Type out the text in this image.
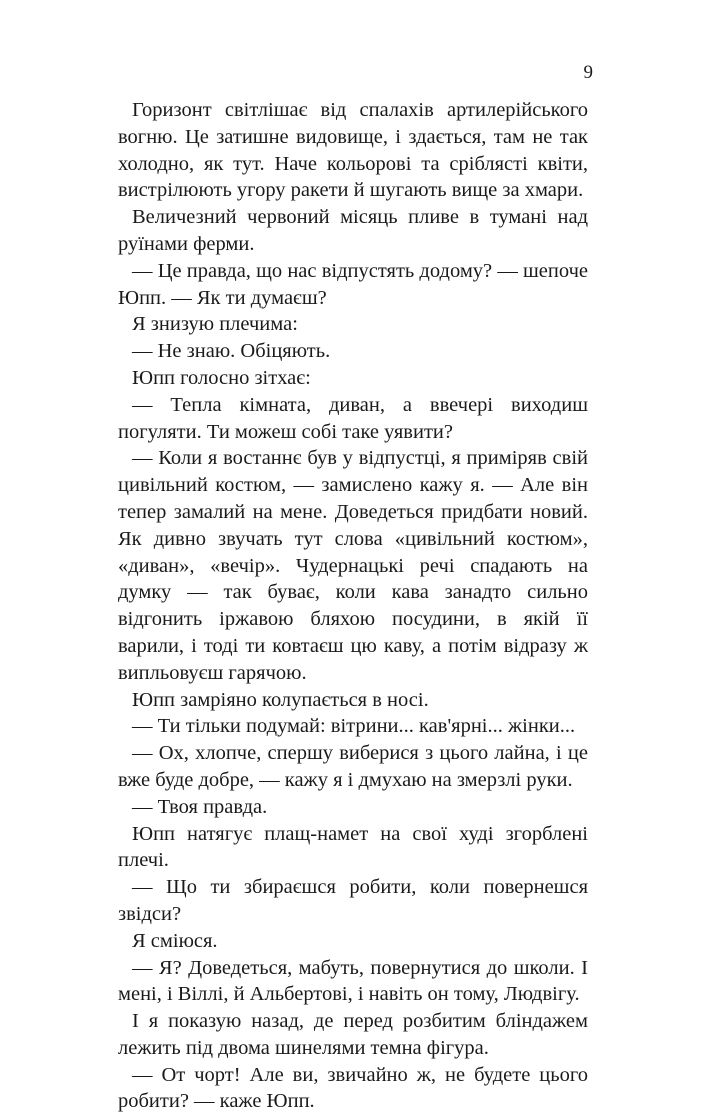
9

Горизонт світлішає від спалахів артилерійського вогню. Це затишне видовище, і здається, там не так холодно, як тут. Наче кольорові та сріблясті квіти, вистрілюють угору ракети й шугають вище за хмари.

Величезний червоний місяць пливе в тумані над руїнами ферми.

— Це правда, що нас відпустять додому? — шепоче Юпп. — Як ти думаєш?

Я знизую плечима:

— Не знаю. Обіцяють.

Юпп голосно зітхає:

— Тепла кімната, диван, а ввечері виходиш погуляти. Ти можеш собі таке уявити?

— Коли я востаннє був у відпустці, я приміряв свій цивільний костюм, — замислено кажу я. — Але він тепер замалий на мене. Доведеться придбати новий. Як дивно звучать тут слова «цивільний костюм», «диван», «вечір». Чудернацькі речі спадають на думку — так буває, коли кава занадто сильно відгонить іржавою бляхою посудини, в якій її варили, і тоді ти ковтаєш цю каву, а потім відразу ж випльовуєш гарячою.

Юпп замріяно колупається в носі.

— Ти тільки подумай: вітрини... кав'ярні... жінки...

— Ох, хлопче, спершу виберися з цього лайна, і це вже буде добре, — кажу я і дмухаю на змерзлі руки.

— Твоя правда.

Юпп натягує плащ-намет на свої худі згорблені плечі.

— Що ти збираєшся робити, коли повернешся звідси?

Я сміюся.

— Я? Доведеться, мабуть, повернутися до школи. І мені, і Віллі, й Альбертові, і навіть он тому, Людвігу.

І я показую назад, де перед розбитим бліндажем лежить під двома шинелями темна фігура.

— От чорт! Але ви, звичайно ж, не будете цього робити? — каже Юпп.
